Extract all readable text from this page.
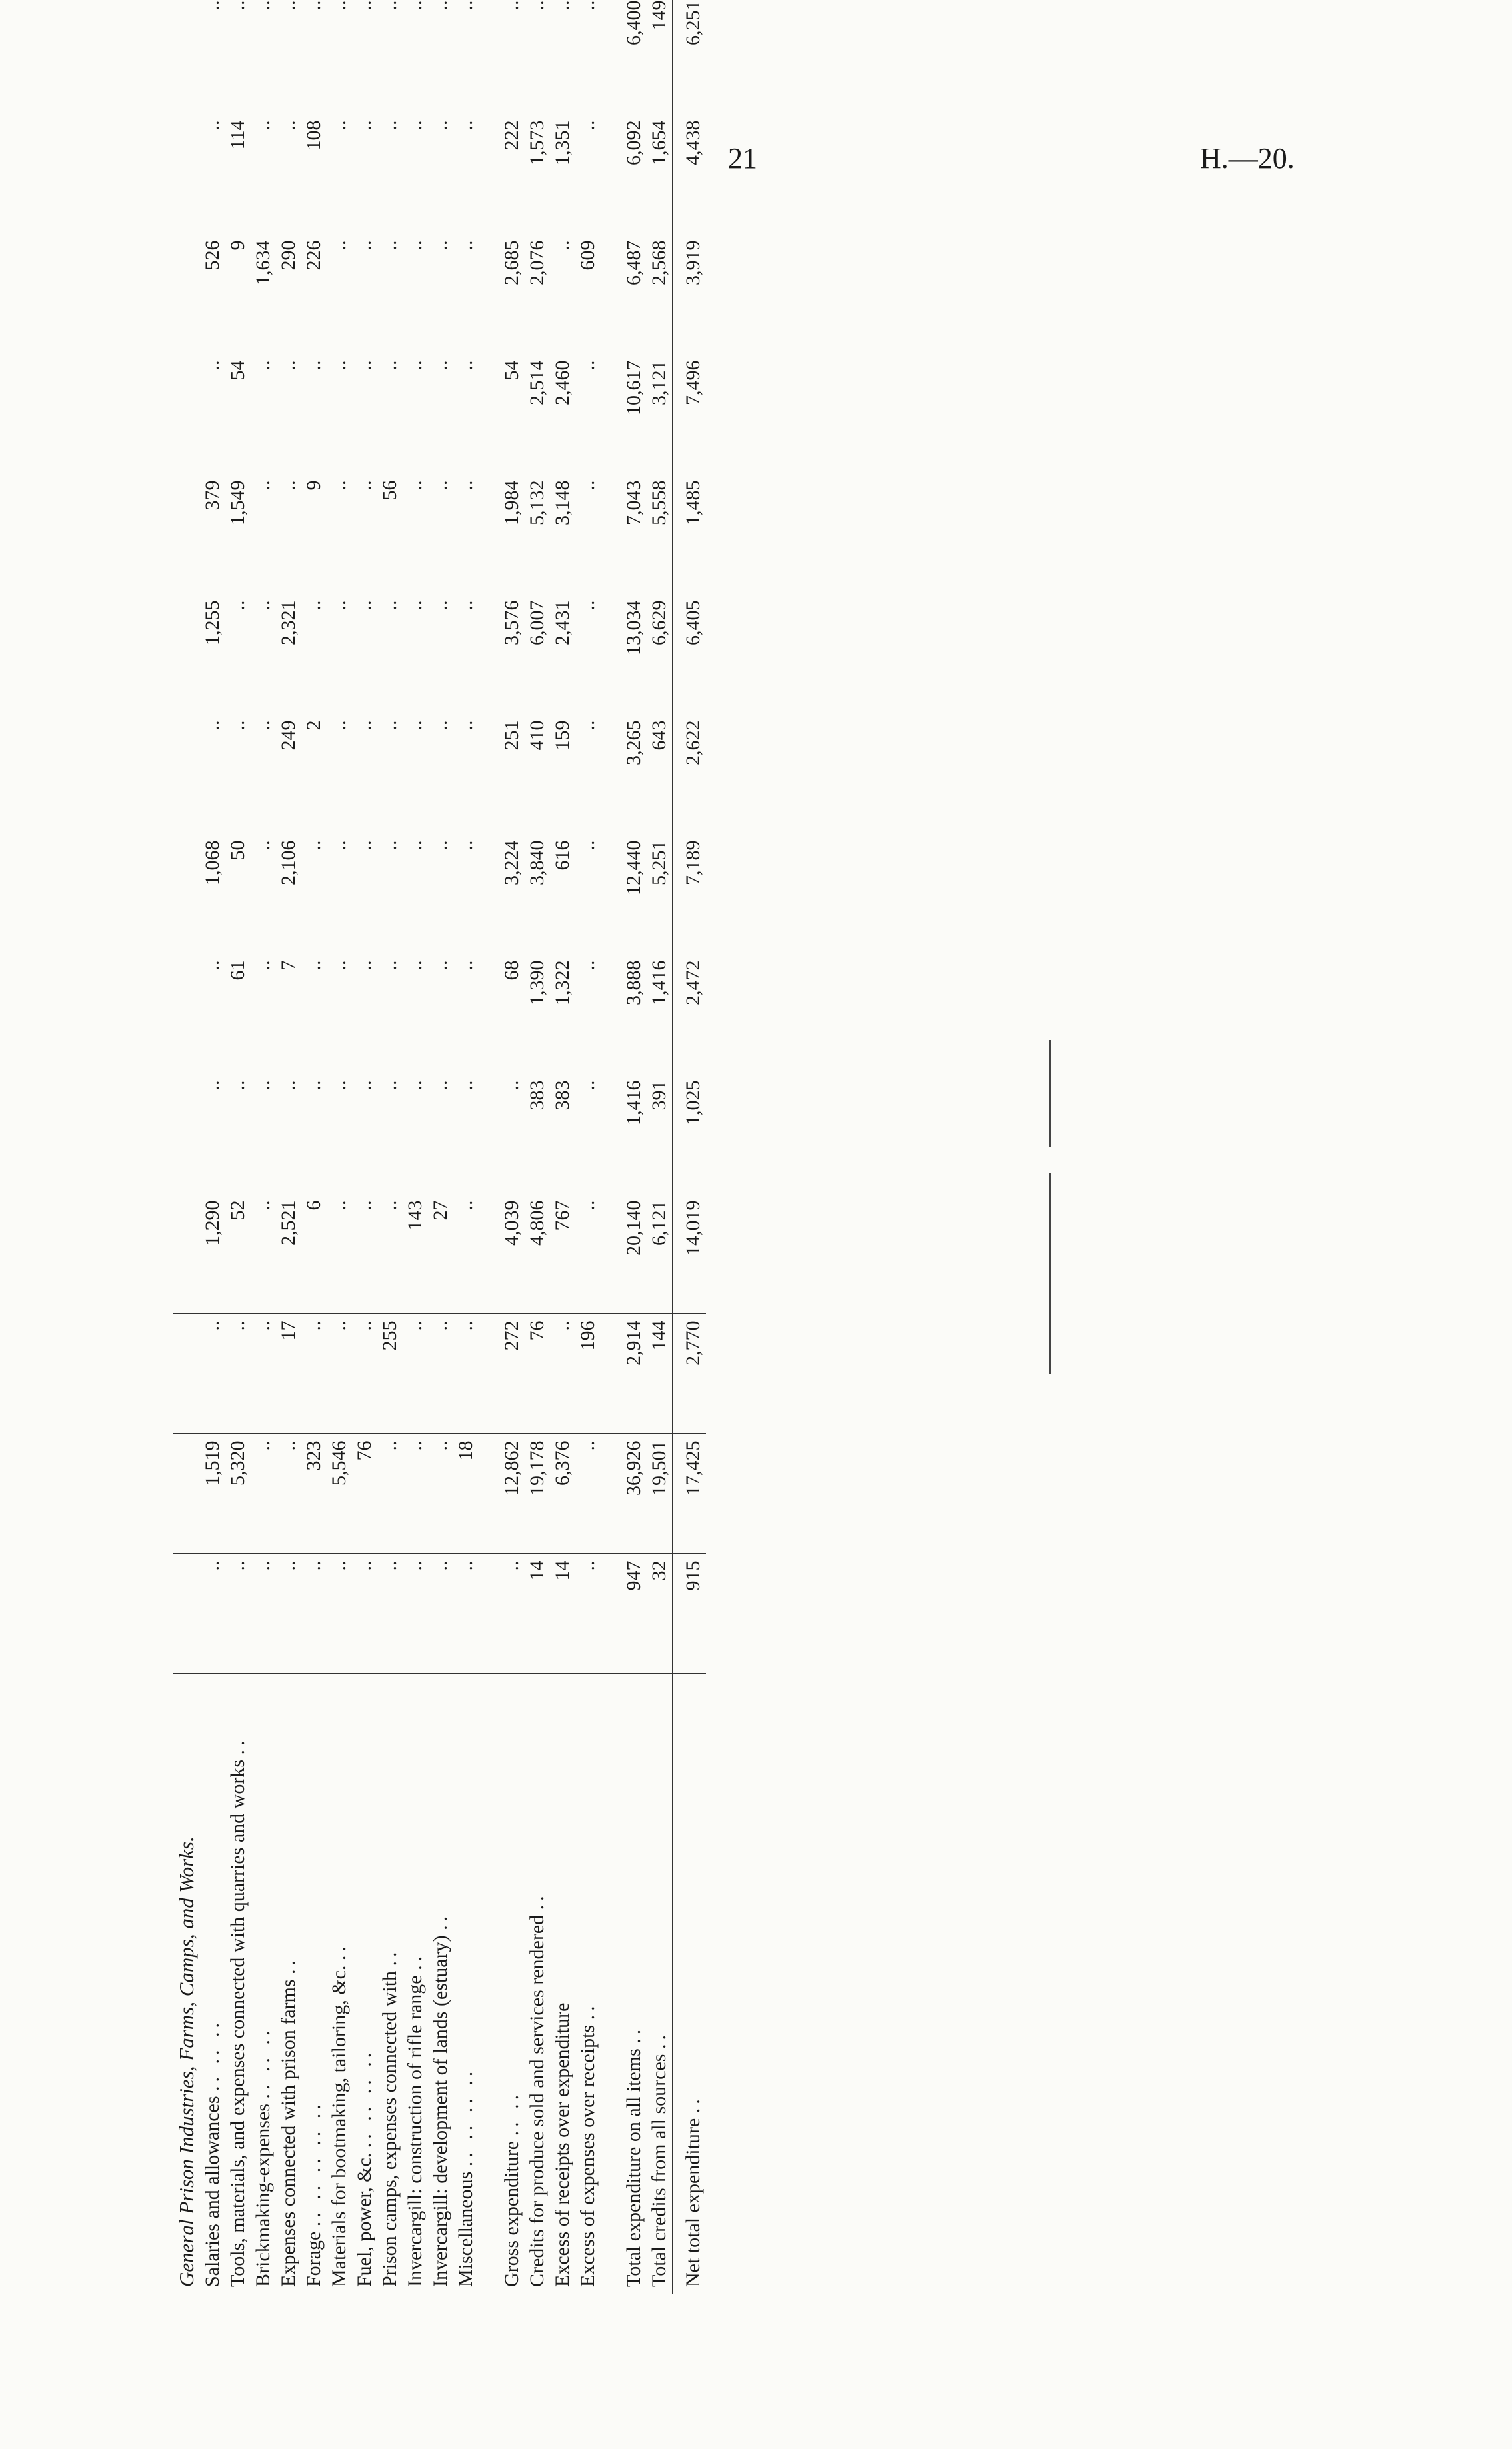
21	H.—20.
General Prison Industries, Farms, Camps, and Works.															
Salaries and allowances .. .. ..	..	1,519	..	1,290	..	..	1,068	..	1,255	379	..	526	..	..	
Tools, materials, and expenses connected with quarries and works ..	..	5,320	..	52	..	61	50	..	..	1,549	54	9	114	..	
Brickmaking-expenses .. .. ..	..	..	..	..	..	..	..	..	..	..	..	1,634	..	..	
Expenses connected with prison farms ..	..	..	17	2,521	..	7	2,106	249	2,321	..	..	290	..	..	
Forage .. .. .. .. ..	..	323	..	6	..	..	..	2	..	9	..	226	108	..	
Materials for bootmaking, tailoring, &c. ..	..	5,546	..	..	..	..	..	..	..	..	..	..	..	..	
Fuel, power, &c. .. .. .. ..	..	76	..	..	..	..	..	..	..	..	..	..	..	..	
Prison camps, expenses connected with ..	..	..	255	..	..	..	..	..	..	56	..	..	..	..	
Invercargill: construction of rifle range ..	..	..	..	143	..	..	..	..	..	..	..	..	..	..	
Invercargill: development of lands (estuary) ..	..	..	..	27	..	..	..	..	..	..	..	..	..	..	
Miscellaneous .. .. .. ..	..	18	..	..	..	..	..	..	..	..	..	..	..	..	

Gross expenditure .. ..	..	12,862	272	4,039	..	68	3,224	251	3,576	1,984	54	2,685	222	..	
Credits for produce sold and services rendered ..	14	19,178	76	4,806	383	1,390	3,840	410	6,007	5,132	2,514	2,076	1,573	..	
Excess of receipts over expenditure	14	6,376	..	767	383	1,322	616	159	2,431	3,148	2,460	..	1,351	..	
Excess of expenses over receipts ..	..	..	196	..	..	..	..	..	..	..	..	609	..	..	

Total expenditure on all items ..	947	36,926	2,914	20,140	1,416	3,888	12,440	3,265	13,034	7,043	10,617	6,487	6,092	6,400	
Total credits from all sources ..	32	19,501	144	6,121	391	1,416	5,251	643	6,629	5,558	3,121	2,568	1,654	149	
Net total expenditure ..	915	17,425	2,770	14,019	1,025	2,472	7,189	2,622	6,405	1,485	7,496	3,919	4,438	6,251	
